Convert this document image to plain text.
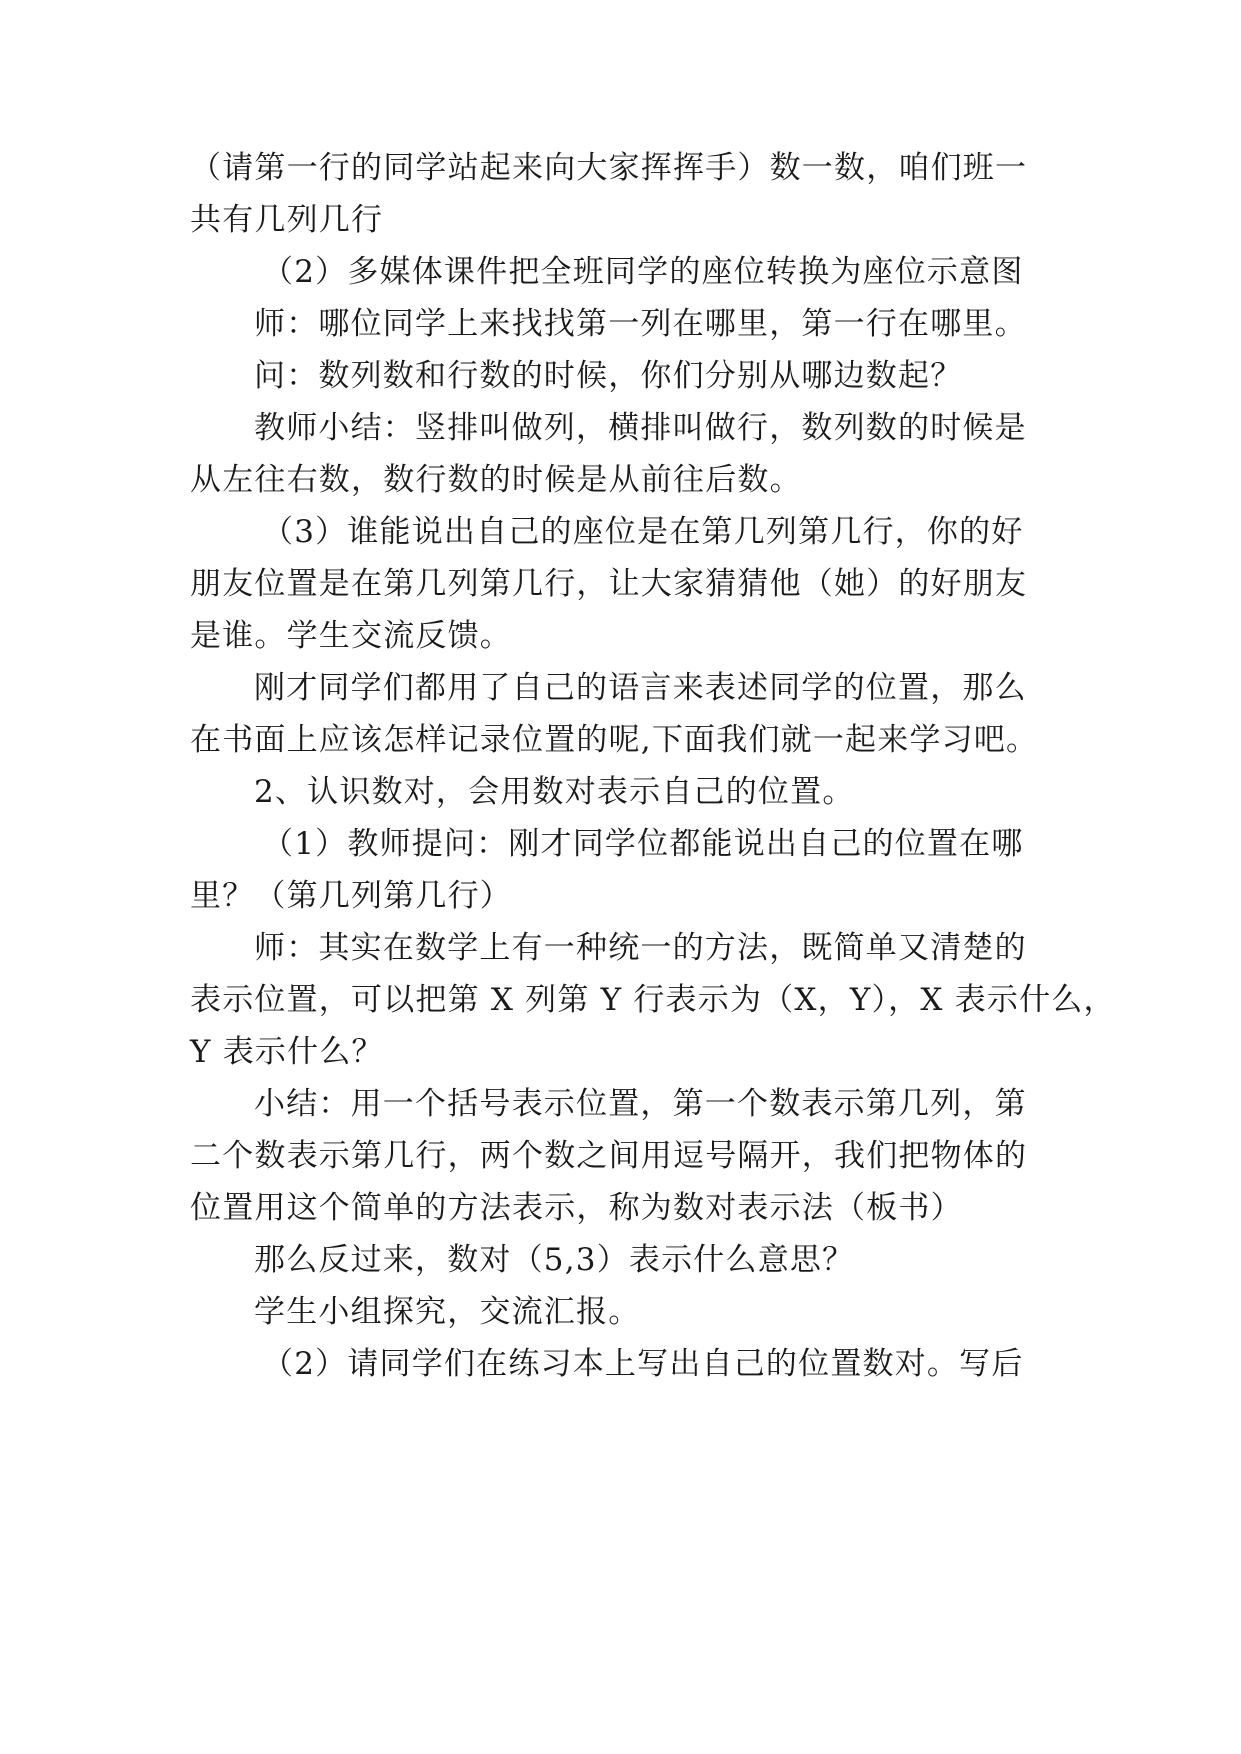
（请第一行的同学站起来向大家挥挥手）数一数，咱们班一
共有几列几行
（2）多媒体课件把全班同学的座位转换为座位示意图
师：哪位同学上来找找第一列在哪里，第一行在哪里。
问：数列数和行数的时候，你们分别从哪边数起？
教师小结：竖排叫做列，横排叫做行，数列数的时候是
从左往右数，数行数的时候是从前往后数。
（3）谁能说出自己的座位是在第几列第几行，你的好
朋友位置是在第几列第几行，让大家猜猜他（她）的好朋友
是谁。学生交流反馈。
刚才同学们都用了自己的语言来表述同学的位置，那么
在书面上应该怎样记录位置的呢,下面我们就一起来学习吧。
2、认识数对，会用数对表示自己的位置。
（1）教师提问：刚才同学位都能说出自己的位置在哪
里？（第几列第几行）
师：其实在数学上有一种统一的方法，既简单又清楚的
表示位置，可以把第 X 列第 Y 行表示为（X，Y），X 表示什么，
Y 表示什么？
小结：用一个括号表示位置，第一个数表示第几列，第
二个数表示第几行，两个数之间用逗号隔开，我们把物体的
位置用这个简单的方法表示，称为数对表示法（板书）
那么反过来，数对（5,3）表示什么意思？
学生小组探究，交流汇报。
（2）请同学们在练习本上写出自己的位置数对。写后
